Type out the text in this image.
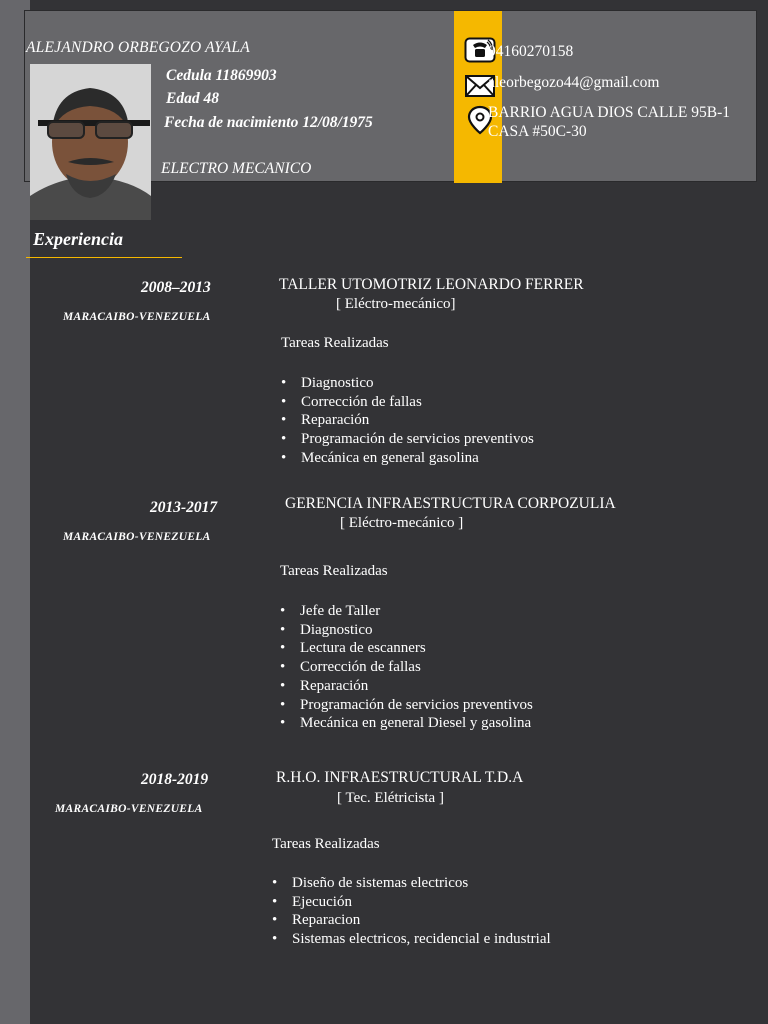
04160270158
aleorbegozo44@gmail.com
BARRIO AGUA DIOS CALLE 95B-1
CASA #50C-30
ALEJANDRO ORBEGOZO AYALA
Cedula 11869903
Edad 48
Fecha de nacimiento 12/08/1975
ELECTRO MECANICO
Experiencia
2008–2013
MARACAIBO-VENEZUELA
TALLER UTOMOTRIZ LEONARDO FERRER
[ Eléctro-mecánico]
Tareas Realizadas
• Diagnostico
• Corrección de fallas
• Reparación
• Programación de servicios preventivos
• Mecánica en general gasolina
2013-2017
MARACAIBO-VENEZUELA
GERENCIA INFRAESTRUCTURA CORPOZULIA
[ Eléctro-mecánico ]
Tareas Realizadas
• Jefe de Taller
• Diagnostico
• Lectura de escanners
• Corrección de fallas
• Reparación
• Programación de servicios preventivos
• Mecánica en general Diesel y gasolina
2018-2019
MARACAIBO-VENEZUELA
R.H.O. INFRAESTRUCTURAL T.D.A
[ Tec. Elétricista ]
Tareas Realizadas
• Diseño de sistemas electricos
• Ejecución
• Reparacion
• Sistemas electricos, recidencial e industrial
